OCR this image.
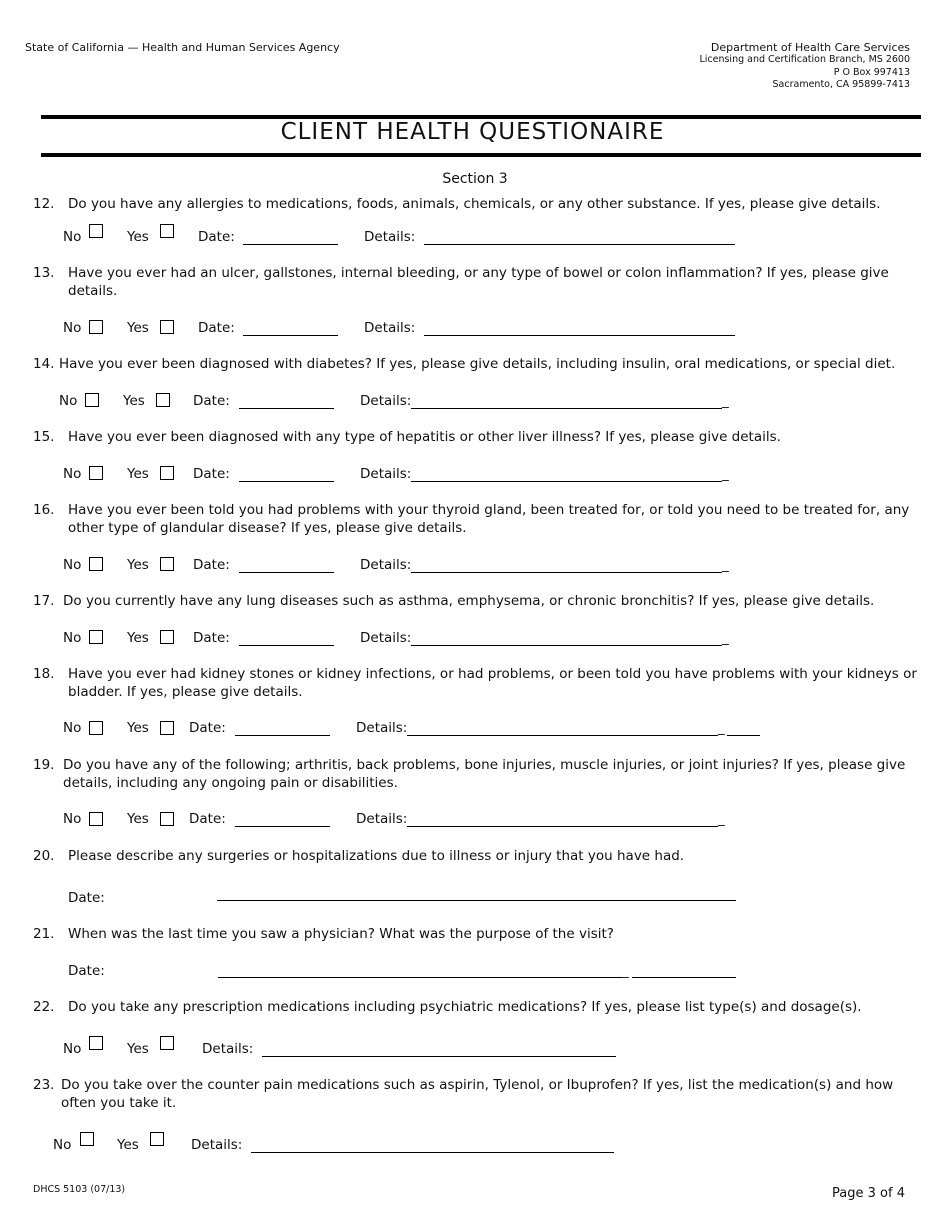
State of California — Health and Human Services Agency	Department of Health Care Services
Licensing and Certification Branch, MS 2600
P O Box 997413
Sacramento, CA 95899-7413
CLIENT HEALTH QUESTIONAIRE
Section 3
12. Do you have any allergies to medications, foods, animals, chemicals, or any other substance. If yes, please give details.
No	Yes	Date:	Details:
13. Have you ever had an ulcer, gallstones, internal bleeding, or any type of bowel or colon inflammation? If yes, please give details.
No	Yes	Date:	Details:
14. Have you ever been diagnosed with diabetes? If yes, please give details, including insulin, oral medications, or special diet.
No	Yes	Date:	Details:	_
15. Have you ever been diagnosed with any type of hepatitis or other liver illness? If yes, please give details.
No	Yes	Date:	Details:	_
16. Have you ever been told you had problems with your thyroid gland, been treated for, or told you need to be treated for, any other type of glandular disease? If yes, please give details.
No	Yes	Date:	Details:	_
17. Do you currently have any lung diseases such as asthma, emphysema, or chronic bronchitis? If yes, please give details.
No	Yes	Date:	Details:	_
18. Have you ever had kidney stones or kidney infections, or had problems, or been told you have problems with your kidneys or bladder. If yes, please give details.
No	Yes	Date:	Details:	_
19. Do you have any of the following; arthritis, back problems, bone injuries, muscle injuries, or joint injuries? If yes, please give details, including any ongoing pain or disabilities.
No	Yes	Date:	Details:	_
20. Please describe any surgeries or hospitalizations due to illness or injury that you have had.
Date:
21. When was the last time you saw a physician? What was the purpose of the visit?
Date:	_
22. Do you take any prescription medications including psychiatric medications? If yes, please list type(s) and dosage(s).
No	Yes	Details:
23. Do you take over the counter pain medications such as aspirin, Tylenol, or Ibuprofen? If yes, list the medication(s) and how often you take it.
No	Yes	Details:
DHCS 5103 (07/13)	Page 3 of 4
